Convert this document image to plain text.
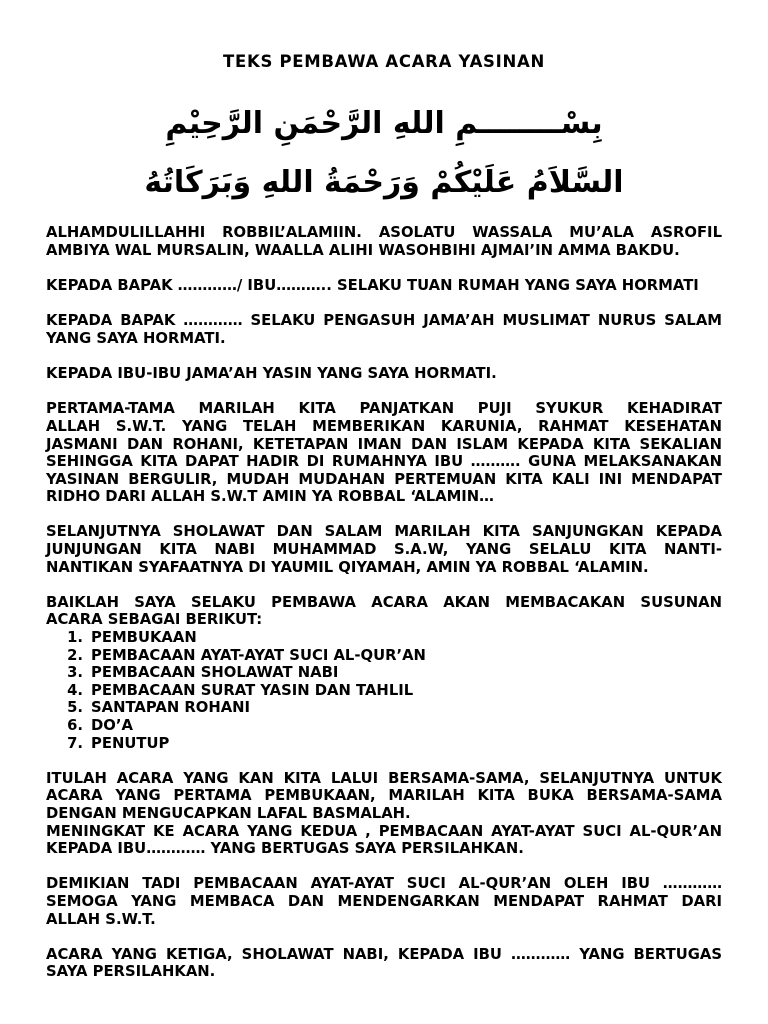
TEKS PEMBAWA ACARA YASINAN
بِسْــــــــمِ اللهِ الرَّحْمَنِ الرَّحِيْمِ
السَّلاَمُ عَلَيْكُمْ وَرَحْمَةُ اللهِ وَبَرَكَاتُهُ
ALHAMDULILLAHHI ROBBIL’ALAMIIN. ASOLATU WASSALA MU’ALA ASROFIL
AMBIYA WAL MURSALIN, WAALLA ALIHI WASOHBIHI AJMAI’IN AMMA BAKDU.
KEPADA BAPAK …………/ IBU……….. SELAKU TUAN RUMAH YANG SAYA HORMATI
KEPADA BAPAK ………… SELAKU PENGASUH JAMA’AH MUSLIMAT NURUS SALAM
YANG SAYA HORMATI.
KEPADA IBU-IBU JAMA’AH YASIN YANG SAYA HORMATI.
PERTAMA-TAMA MARILAH KITA PANJATKAN PUJI SYUKUR KEHADIRAT
ALLAH S.W.T. YANG TELAH MEMBERIKAN KARUNIA, RAHMAT KESEHATAN
JASMANI DAN ROHANI, KETETAPAN IMAN DAN ISLAM KEPADA KITA SEKALIAN
SEHINGGA KITA DAPAT HADIR DI RUMAHNYA IBU ………. GUNA MELAKSANAKAN
YASINAN BERGULIR, MUDAH MUDAHAN PERTEMUAN KITA KALI INI MENDAPAT
RIDHO DARI ALLAH S.W.T AMIN YA ROBBAL ‘ALAMIN…
SELANJUTNYA SHOLAWAT DAN SALAM MARILAH KITA SANJUNGKAN KEPADA
JUNJUNGAN KITA NABI MUHAMMAD S.A.W, YANG SELALU KITA NANTI-
NANTIKAN SYAFAATNYA DI YAUMIL QIYAMAH, AMIN YA ROBBAL ‘ALAMIN.
BAIKLAH SAYA SELAKU PEMBAWA ACARA AKAN MEMBACAKAN SUSUNAN
ACARA SEBAGAI BERIKUT:
1. PEMBUKAAN
2. PEMBACAAN AYAT-AYAT SUCI AL-QUR’AN
3. PEMBACAAN SHOLAWAT NABI
4. PEMBACAAN SURAT YASIN DAN TAHLIL
5. SANTAPAN ROHANI
6. DO’A
7. PENUTUP
ITULAH ACARA YANG KAN KITA LALUI BERSAMA-SAMA, SELANJUTNYA UNTUK
ACARA YANG PERTAMA PEMBUKAAN, MARILAH KITA BUKA BERSAMA-SAMA
DENGAN MENGUCAPKAN LAFAL BASMALAH.
MENINGKAT KE ACARA YANG KEDUA , PEMBACAAN AYAT-AYAT SUCI AL-QUR’AN
KEPADA IBU………… YANG BERTUGAS SAYA PERSILAHKAN.
DEMIKIAN TADI PEMBACAAN AYAT-AYAT SUCI AL-QUR’AN OLEH IBU …………
SEMOGA YANG MEMBACA DAN MENDENGARKAN MENDAPAT RAHMAT DARI
ALLAH S.W.T.
ACARA YANG KETIGA, SHOLAWAT NABI, KEPADA IBU ………… YANG BERTUGAS
SAYA PERSILAHKAN.
